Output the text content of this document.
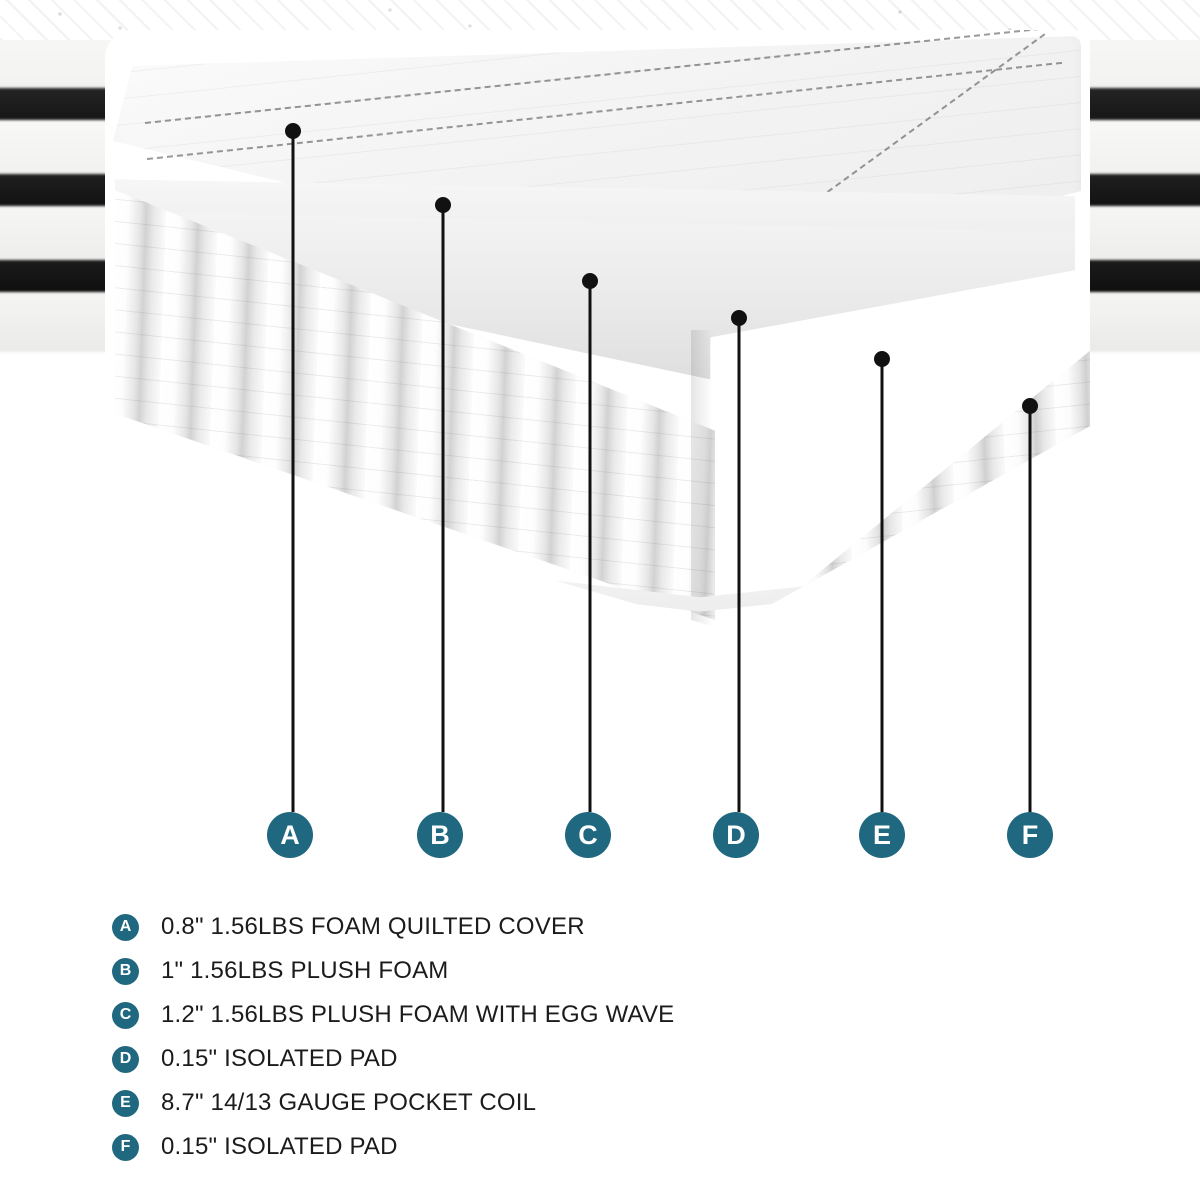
A	B	C	D	E	F
A	0.8" 1.56LBS FOAM QUILTED COVER
B	1" 1.56LBS PLUSH FOAM
C	1.2" 1.56LBS PLUSH FOAM WITH EGG WAVE
D	0.15" ISOLATED PAD
E	8.7" 14/13 GAUGE POCKET COIL
F	0.15" ISOLATED PAD
